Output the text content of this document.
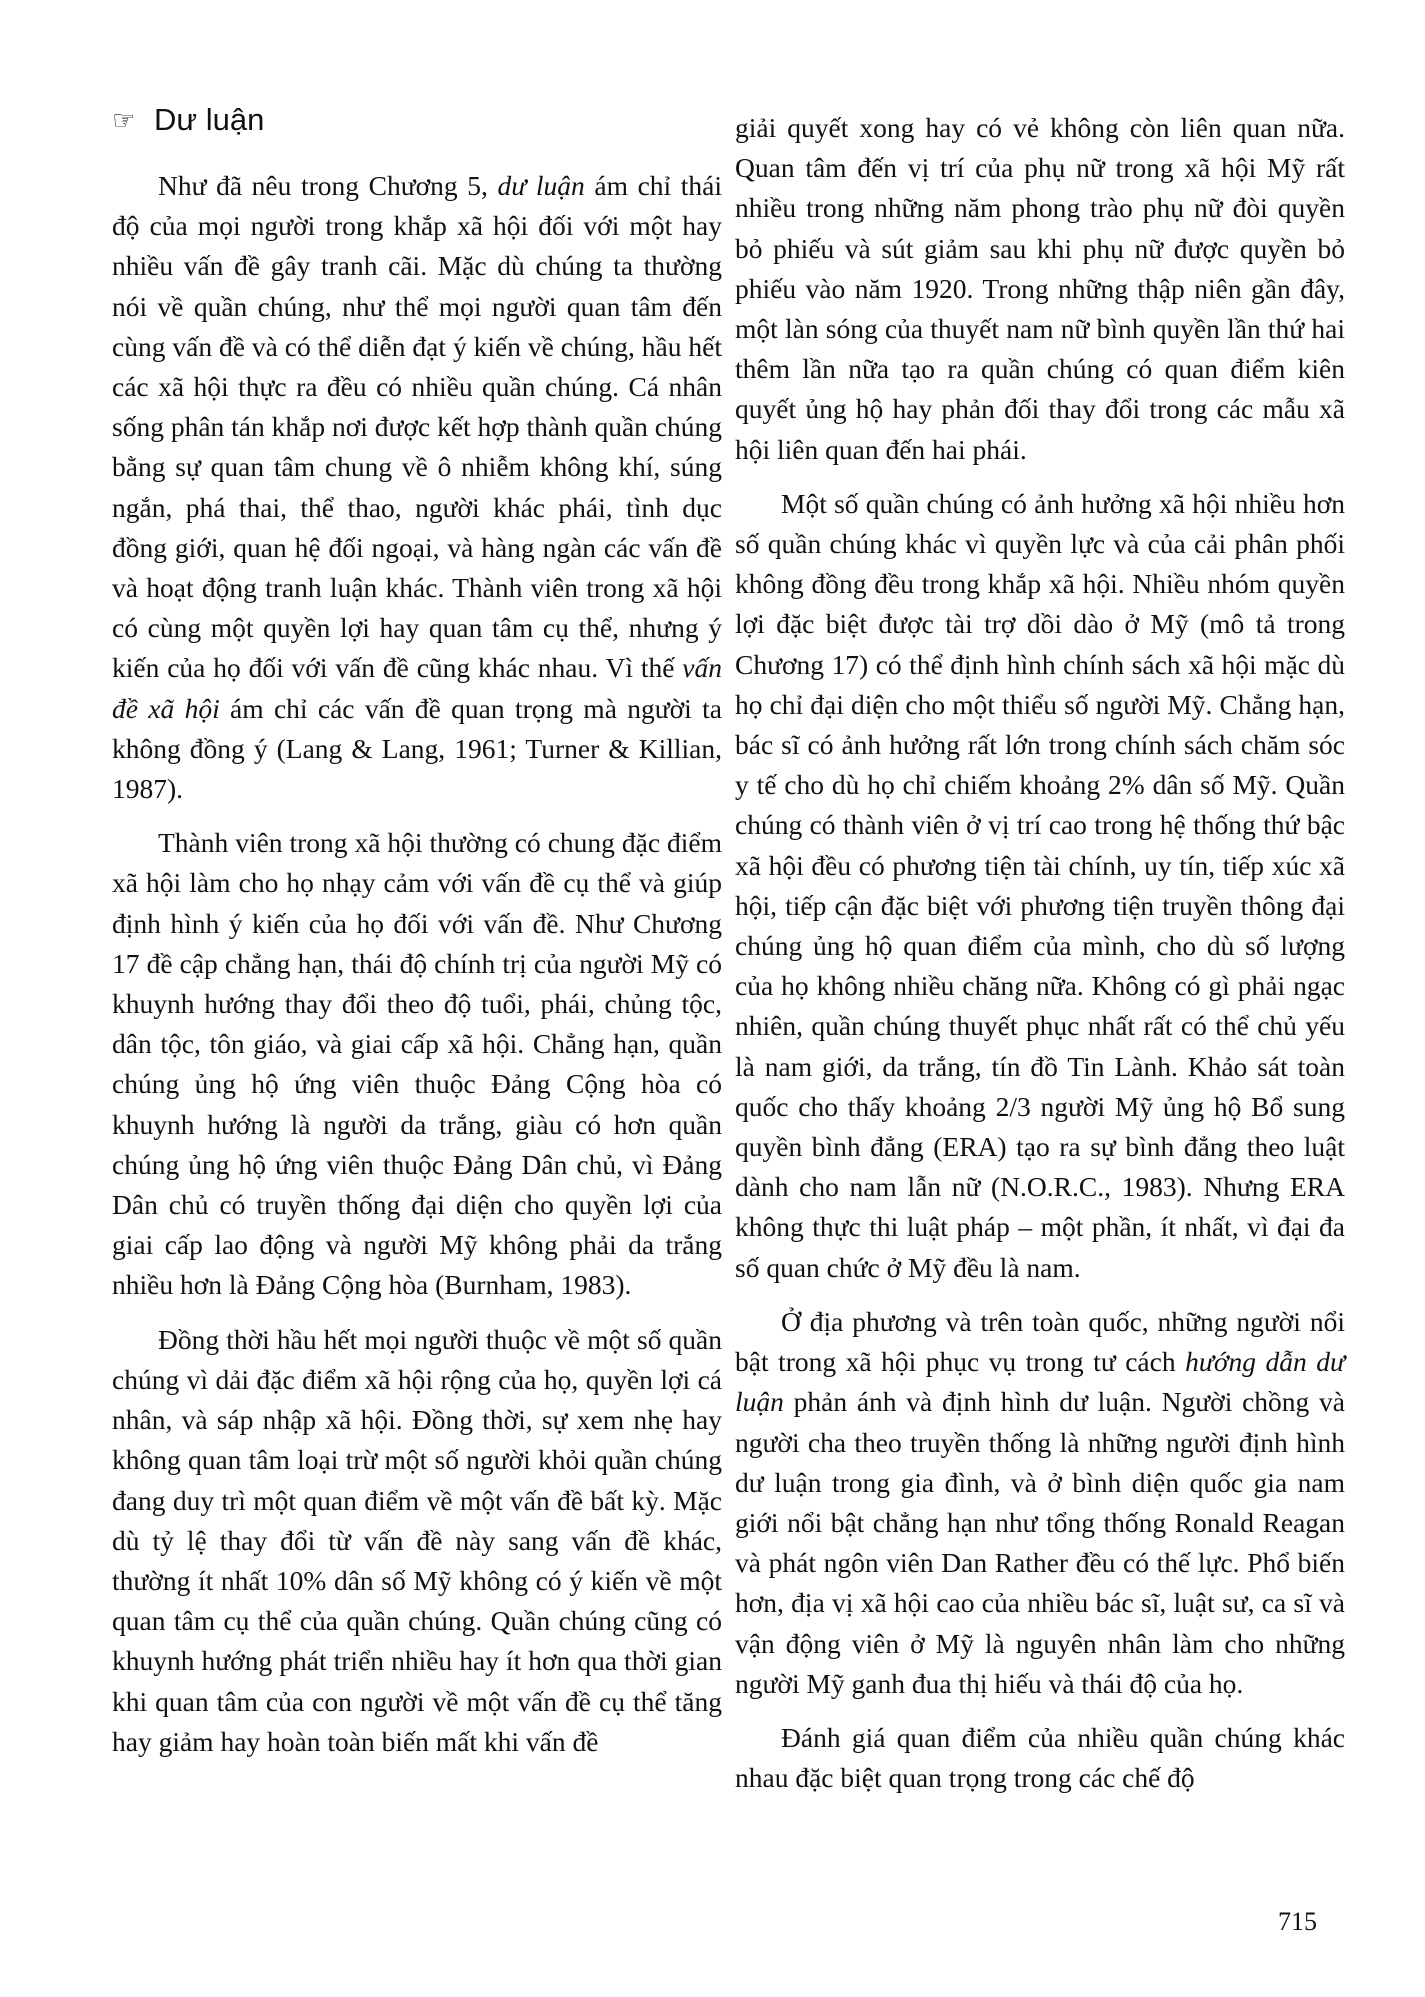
☞ Dư luận

Như đã nêu trong Chương 5, dư luận ám chỉ thái độ của mọi người trong khắp xã hội đối với một hay nhiều vấn đề gây tranh cãi. Mặc dù chúng ta thường nói về quần chúng, như thể mọi người quan tâm đến cùng vấn đề và có thể diễn đạt ý kiến về chúng, hầu hết các xã hội thực ra đều có nhiều quần chúng. Cá nhân sống phân tán khắp nơi được kết hợp thành quần chúng bằng sự quan tâm chung về ô nhiễm không khí, súng ngắn, phá thai, thể thao, người khác phái, tình dục đồng giới, quan hệ đối ngoại, và hàng ngàn các vấn đề và hoạt động tranh luận khác. Thành viên trong xã hội có cùng một quyền lợi hay quan tâm cụ thể, nhưng ý kiến của họ đối với vấn đề cũng khác nhau. Vì thế vấn đề xã hội ám chỉ các vấn đề quan trọng mà người ta không đồng ý (Lang & Lang, 1961; Turner & Killian, 1987).

Thành viên trong xã hội thường có chung đặc điểm xã hội làm cho họ nhạy cảm với vấn đề cụ thể và giúp định hình ý kiến của họ đối với vấn đề. Như Chương 17 đề cập chẳng hạn, thái độ chính trị của người Mỹ có khuynh hướng thay đổi theo độ tuổi, phái, chủng tộc, dân tộc, tôn giáo, và giai cấp xã hội. Chẳng hạn, quần chúng ủng hộ ứng viên thuộc Đảng Cộng hòa có khuynh hướng là người da trắng, giàu có hơn quần chúng ủng hộ ứng viên thuộc Đảng Dân chủ, vì Đảng Dân chủ có truyền thống đại diện cho quyền lợi của giai cấp lao động và người Mỹ không phải da trắng nhiều hơn là Đảng Cộng hòa (Burnham, 1983).

Đồng thời hầu hết mọi người thuộc về một số quần chúng vì dải đặc điểm xã hội rộng của họ, quyền lợi cá nhân, và sáp nhập xã hội. Đồng thời, sự xem nhẹ hay không quan tâm loại trừ một số người khỏi quần chúng đang duy trì một quan điểm về một vấn đề bất kỳ. Mặc dù tỷ lệ thay đổi từ vấn đề này sang vấn đề khác, thường ít nhất 10% dân số Mỹ không có ý kiến về một quan tâm cụ thể của quần chúng. Quần chúng cũng có khuynh hướng phát triển nhiều hay ít hơn qua thời gian khi quan tâm của con người về một vấn đề cụ thể tăng hay giảm hay hoàn toàn biến mất khi vấn đề

giải quyết xong hay có vẻ không còn liên quan nữa. Quan tâm đến vị trí của phụ nữ trong xã hội Mỹ rất nhiều trong những năm phong trào phụ nữ đòi quyền bỏ phiếu và sút giảm sau khi phụ nữ được quyền bỏ phiếu vào năm 1920. Trong những thập niên gần đây, một làn sóng của thuyết nam nữ bình quyền lần thứ hai thêm lần nữa tạo ra quần chúng có quan điểm kiên quyết ủng hộ hay phản đối thay đổi trong các mẫu xã hội liên quan đến hai phái.

Một số quần chúng có ảnh hưởng xã hội nhiều hơn số quần chúng khác vì quyền lực và của cải phân phối không đồng đều trong khắp xã hội. Nhiều nhóm quyền lợi đặc biệt được tài trợ dồi dào ở Mỹ (mô tả trong Chương 17) có thể định hình chính sách xã hội mặc dù họ chỉ đại diện cho một thiểu số người Mỹ. Chẳng hạn, bác sĩ có ảnh hưởng rất lớn trong chính sách chăm sóc y tế cho dù họ chỉ chiếm khoảng 2% dân số Mỹ. Quần chúng có thành viên ở vị trí cao trong hệ thống thứ bậc xã hội đều có phương tiện tài chính, uy tín, tiếp xúc xã hội, tiếp cận đặc biệt với phương tiện truyền thông đại chúng ủng hộ quan điểm của mình, cho dù số lượng của họ không nhiều chăng nữa. Không có gì phải ngạc nhiên, quần chúng thuyết phục nhất rất có thể chủ yếu là nam giới, da trắng, tín đồ Tin Lành. Khảo sát toàn quốc cho thấy khoảng 2/3 người Mỹ ủng hộ Bổ sung quyền bình đẳng (ERA) tạo ra sự bình đẳng theo luật dành cho nam lẫn nữ (N.O.R.C., 1983). Nhưng ERA không thực thi luật pháp – một phần, ít nhất, vì đại đa số quan chức ở Mỹ đều là nam.

Ở địa phương và trên toàn quốc, những người nổi bật trong xã hội phục vụ trong tư cách hướng dẫn dư luận phản ánh và định hình dư luận. Người chồng và người cha theo truyền thống là những người định hình dư luận trong gia đình, và ở bình diện quốc gia nam giới nổi bật chẳng hạn như tổng thống Ronald Reagan và phát ngôn viên Dan Rather đều có thế lực. Phổ biến hơn, địa vị xã hội cao của nhiều bác sĩ, luật sư, ca sĩ và vận động viên ở Mỹ là nguyên nhân làm cho những người Mỹ ganh đua thị hiếu và thái độ của họ.

Đánh giá quan điểm của nhiều quần chúng khác nhau đặc biệt quan trọng trong các chế độ

715
